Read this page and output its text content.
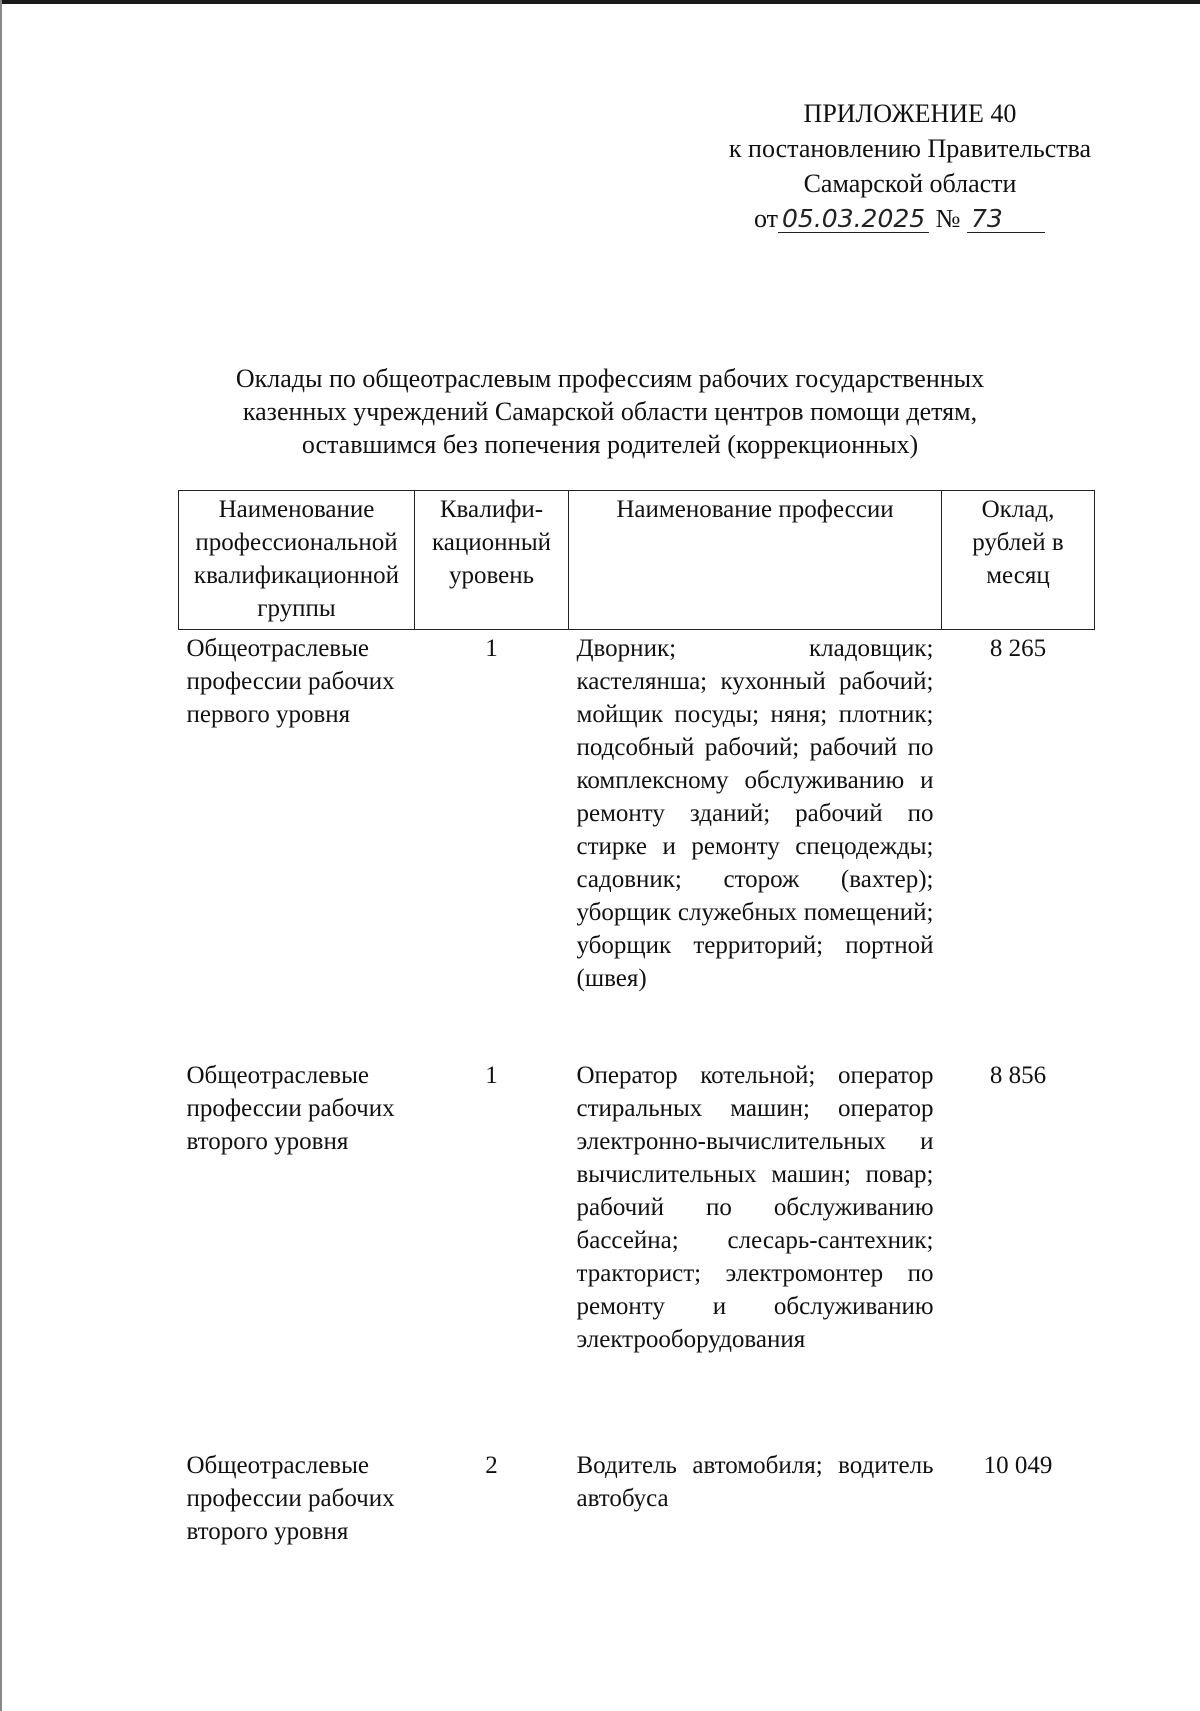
ПРИЛОЖЕНИЕ 40
к постановлению Правительства
Самарской области
от 05.03.2025 № 73
Оклады по общеотраслевым профессиям рабочих государственных
казенных учреждений Самарской области центров помощи детям,
оставшимся без попечения родителей (коррекционных)
Наименование профессиональной квалификационной группы	Квалифи-кационный уровень	Наименование профессии	Оклад, рублей в месяц
Общеотраслевые профессии рабочих первого уровня	1	Дворник; кладовщик; кастелянша; кухонный рабочий; мойщик посуды; няня; плотник; подсобный рабочий; рабочий по комплексному обслуживанию и ремонту зданий; рабочий по стирке и ремонту спецодежды; садовник; сторож (вахтер); уборщик служебных помещений; уборщик территорий; портной (швея)	8 265
Общеотраслевые профессии рабочих второго уровня	1	Оператор котельной; оператор стиральных машин; оператор электронно-вычислительных и вычислительных машин; повар; рабочий по обслуживанию бассейна; слесарь-сантехник; тракторист; электромонтер по ремонту и обслуживанию электрооборудования	8 856
Общеотраслевые профессии рабочих второго уровня	2	Водитель автомобиля; водитель автобуса	10 049
